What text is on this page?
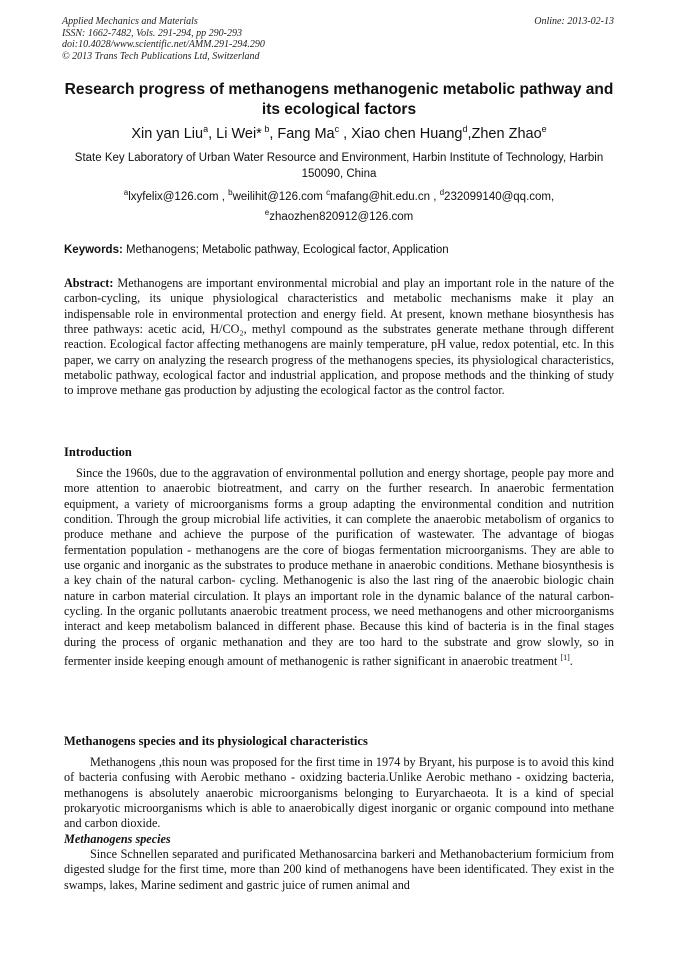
Applied Mechanics and Materials
ISSN: 1662-7482, Vols. 291-294, pp 290-293
doi:10.4028/www.scientific.net/AMM.291-294.290
© 2013 Trans Tech Publications Ltd, Switzerland
Online: 2013-02-13
Research progress of methanogens methanogenic metabolic pathway and its ecological factors
Xin yan Liu$^a$, Li Wei* $^b$, Fang Ma$^c$ , Xiao chen Huang$^d$,Zhen Zhao$^e$
State Key Laboratory of Urban Water Resource and Environment, Harbin Institute of Technology, Harbin 150090, China
$^a$lxyfelix@126.com , $^b$weilihit@126.com $^c$mafang@hit.edu.cn , $^d$232099140@qq.com,
$^e$zhaozhen820912@126.com
Keywords: Methanogens; Metabolic pathway, Ecological factor, Application

Abstract: Methanogens are important environmental microbial and play an important role in the nature of the carbon-cycling, its unique physiological characteristics and metabolic mechanisms make it play an indispensable role in environmental protection and energy field. At present, known methane biosynthesis has three pathways: acetic acid, H/CO₂, methyl compound as the substrates generate methane through different reaction. Ecological factor affecting methanogens are mainly temperature, pH value, redox potential, etc. In this paper, we carry on analyzing the research progress of the methanogens species, its physiological characteristics, metabolic pathway, ecological factor and industrial application, and propose methods and the thinking of study to improve methane gas production by adjusting the ecological factor as the control factor.

Introduction

Since the 1960s, due to the aggravation of environmental pollution and energy shortage, people pay more and more attention to anaerobic biotreatment, and carry on the further research. In anaerobic fermentation equipment, a variety of microorganisms forms a group adapting the environmental condition and nutrition condition. Through the group microbial life activities, it can complete the anaerobic metabolism of organics to produce methane and achieve the purpose of the purification of wastewater. The advantage of biogas fermentation population - methanogens are the core of biogas fermentation microorganisms. They are able to use organic and inorganic as the substrates to produce methane in anaerobic conditions. Methane biosynthesis is a key chain of the natural carbon- cycling. Methanogenic is also the last ring of the anaerobic biologic chain nature in carbon material circulation. It plays an important role in the dynamic balance of the natural carbon-cycling. In the organic pollutants anaerobic treatment process, we need methanogens and other microorganisms interact and keep metabolism balanced in different phase. Because this kind of bacteria is in the final stages during the process of organic methanation and they are too hard to the substrate and grow slowly, so in fermenter inside keeping enough amount of methanogenic is rather significant in anaerobic treatment [1].

Methanogens species and its physiological characteristics

Methanogens ,this noun was proposed for the first time in 1974 by Bryant, his purpose is to avoid this kind of bacteria confusing with Aerobic methano - oxidzing bacteria.Unlike Aerobic methano - oxidzing bacteria, methanogens is absolutely anaerobic microorganisms belonging to Euryarchaeota. It is a kind of special prokaryotic microorganisms which is able to anaerobically digest inorganic or organic compound into methane and carbon dioxide.

Methanogens species

Since Schnellen separated and purificated Methanosarcina barkeri and Methanobacterium formicium from digested sludge for the first time, more than 200 kind of methanogens have been identificated. They exist in the swamps, lakes, Marine sediment and gastric juice of rumen animal and
